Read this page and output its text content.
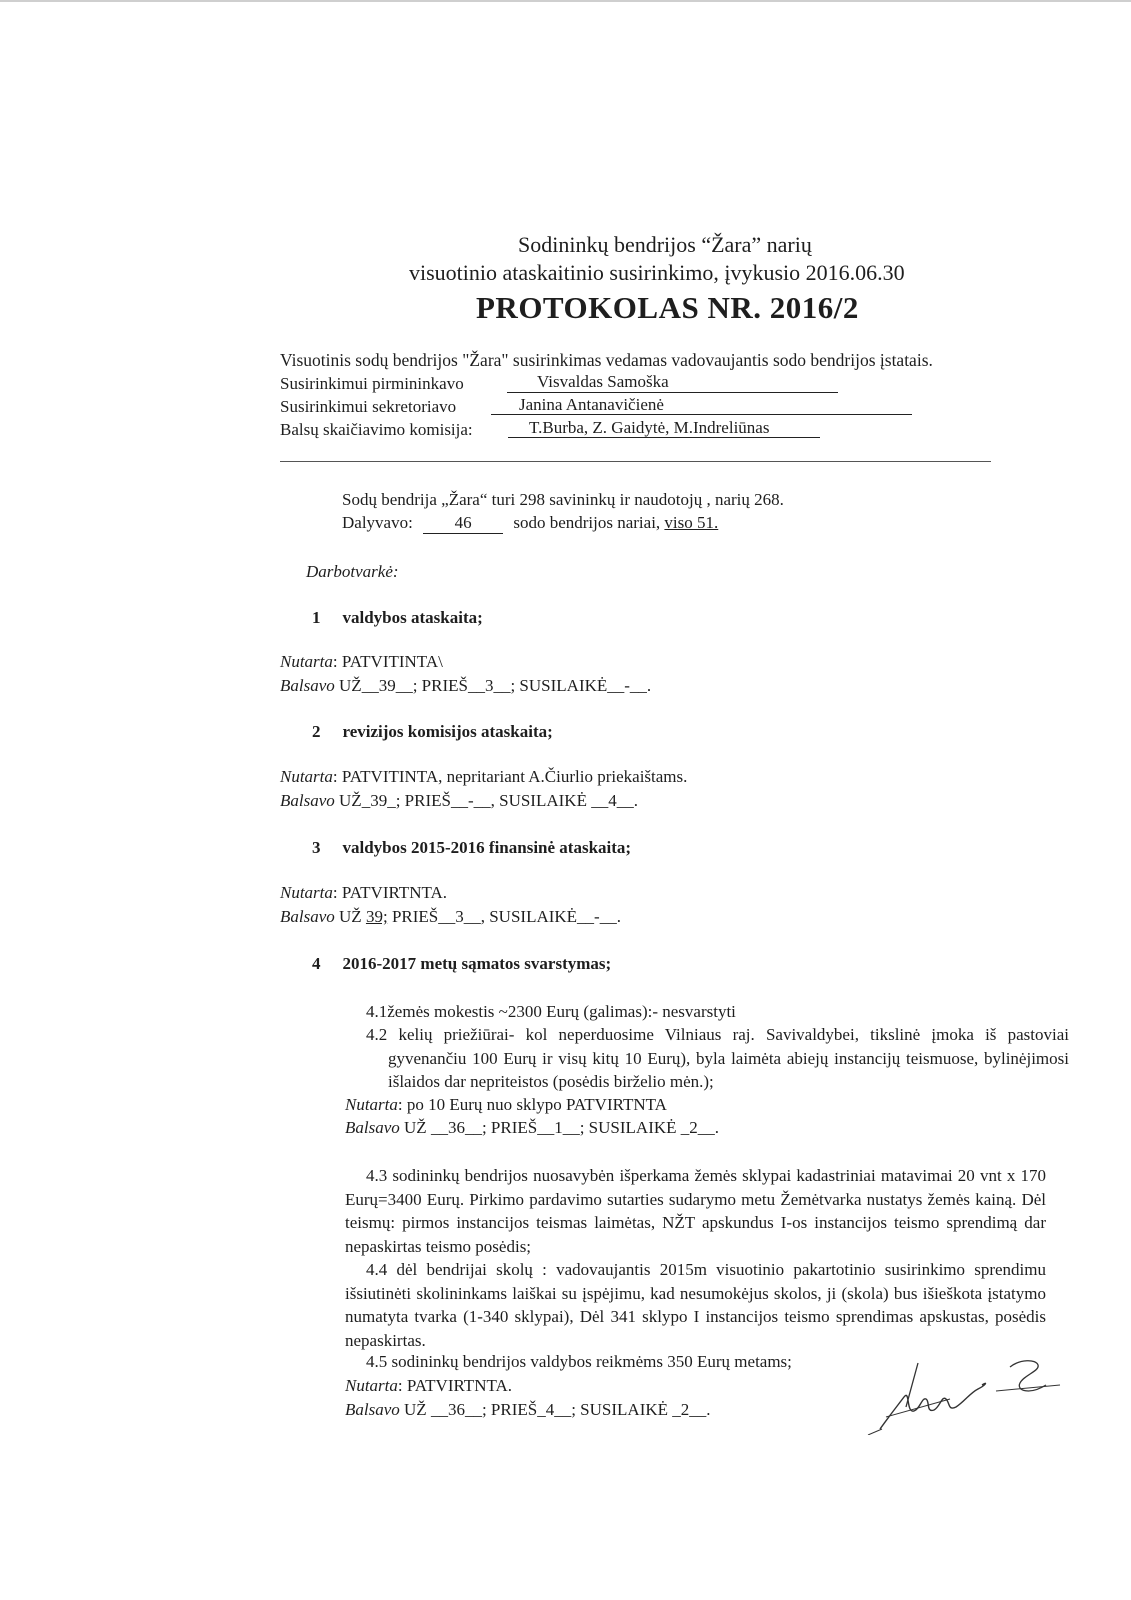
Sodininkų bendrijos “Žara” narių
visuotinio ataskaitinio susirinkimo, įvykusio 2016.06.30
PROTOKOLAS NR. 2016/2
Visuotinis sodų bendrijos "Žara" susirinkimas vedamas vadovaujantis sodo bendrijos įstatais.
Susirinkimui pirmininkavo	Visvaldas Samoška
Susirinkimui sekretoriavo	Janina Antanavičienė
Balsų skaičiavimo komisija:	T.Burba, Z. Gaidytė, M.Indreliūnas
Sodų bendrija „Žara“ turi 298 savininkų ir naudotojų , narių 268.
Dalyvavo: 46 sodo bendrijos nariai, viso 51.
Darbotvarkė:
1 valdybos ataskaita;
Nutarta: PATVITINTA\
Balsavo UŽ__39__; PRIEŠ__3__; SUSILAIKĖ__-__.
2 revizijos komisijos ataskaita;
Nutarta: PATVITINTA, nepritariant A.Čiurlio priekaištams.
Balsavo UŽ_39_; PRIEŠ__-__, SUSILAIKĖ __4__.
3 valdybos 2015-2016 finansinė ataskaita;
Nutarta: PATVIRTNTA.
Balsavo UŽ 39; PRIEŠ__3__, SUSILAIKĖ__-__.
4 2016-2017 metų sąmatos svarstymas;
4.1žemės mokestis ~2300 Eurų (galimas):- nesvarstyti
4.2 kelių priežiūrai- kol neperduosime Vilniaus raj. Savivaldybei, tikslinė įmoka iš pastoviai gyvenančiu 100 Eurų ir visų kitų 10 Eurų), byla laimėta abiejų instancijų teismuose, bylinėjimosi išlaidos dar nepriteistos (posėdis birželio mėn.);
Nutarta: po 10 Eurų nuo sklypo PATVIRTNTA
Balsavo UŽ __36__; PRIEŠ__1__; SUSILAIKĖ _2__.
4.3 sodininkų bendrijos nuosavybėn išperkama žemės sklypai kadastriniai matavimai 20 vnt x 170 Eurų=3400 Eurų. Pirkimo pardavimo sutarties sudarymo metu Žemėtvarka nustatys žemės kainą. Dėl teismų: pirmos instancijos teismas laimėtas, NŽT apskundus I-os instancijos teismo sprendimą dar nepaskirtas teismo posėdis;
4.4 dėl bendrijai skolų : vadovaujantis 2015m visuotinio pakartotinio susirinkimo sprendimu išsiutinėti skolininkams laiškai su įspėjimu, kad nesumokėjus skolos, ji (skola) bus išieškota įstatymo numatyta tvarka (1-340 sklypai), Dėl 341 sklypo I instancijos teismo sprendimas apskustas, posėdis nepaskirtas.
4.5 sodininkų bendrijos valdybos reikmėms 350 Eurų metams;
Nutarta: PATVIRTNTA.
Balsavo UŽ __36__; PRIEŠ_4__; SUSILAIKĖ _2__.
